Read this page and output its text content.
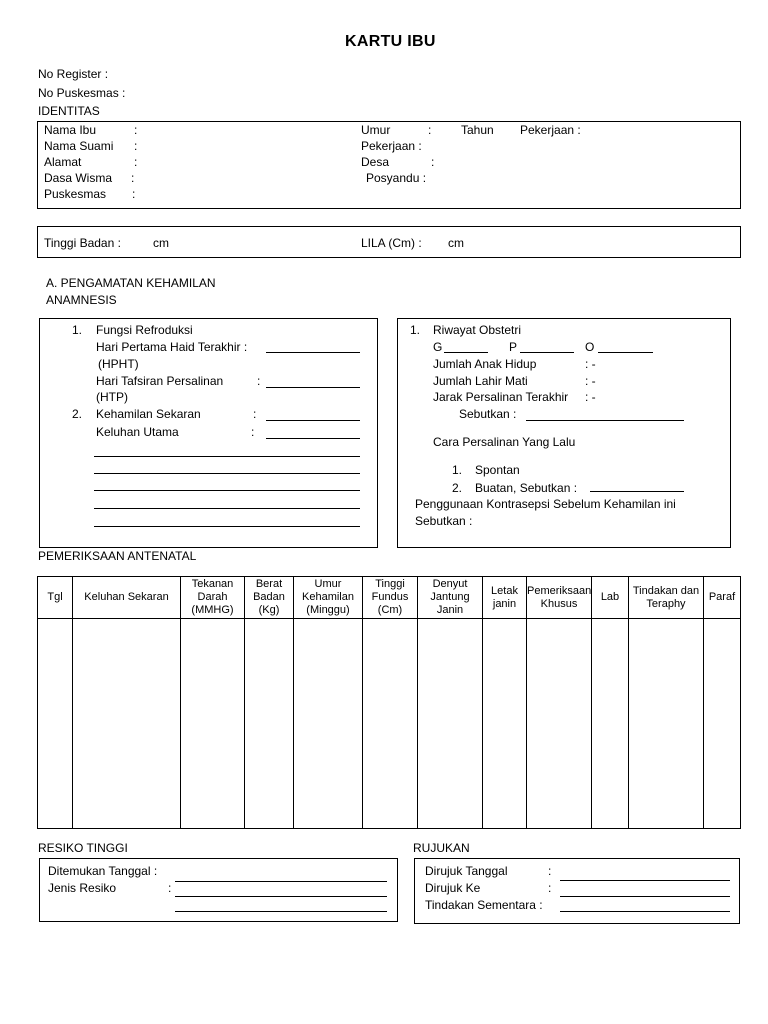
KARTU IBU
No Register :
No Puskesmas :
IDENTITAS
Nama Ibu	:
Nama Suami :
Alamat	:
Dasa Wisma :
Puskesmas :
Umur	: Tahun Pekerjaan :
Pekerjaan :
Desa	:
Posyandu :
Tinggi Badan :	cm	LILA (Cm) : cm
A. PENGAMATAN KEHAMILAN
ANAMNESIS
1. Fungsi Refroduksi
Hari Pertama Haid Terakhir :
(HPHT)
Hari Tafsiran Persalinan	:
(HTP)
2. Kehamilan Sekaran	:
Keluhan Utama	:
1. Riwayat Obstetri
G	P	O
Jumlah Anak Hidup	: -
Jumlah Lahir Mati	: -
Jarak Persalinan Terakhir : -
Sebutkan :
Cara Persalinan Yang Lalu
1. Spontan
2. Buatan, Sebutkan :
Penggunaan Kontrasepsi Sebelum Kehamilan ini
Sebutkan :
PEMERIKSAAN ANTENATAL
Tgl	Keluhan Sekaran	Tekanan Darah (MMHG)	Berat Badan (Kg)	Umur Kehamilan (Minggu)	Tinggi Fundus (Cm)	Denyut Jantung Janin	Letak janin	Pemeriksaan Khusus	Lab	Tindakan dan Teraphy	Paraf

RESIKO TINGGI
Ditemukan Tanggal :
Jenis Resiko	:
RUJUKAN
Dirujuk Tanggal	:
Dirujuk Ke	:
Tindakan Sementara :
